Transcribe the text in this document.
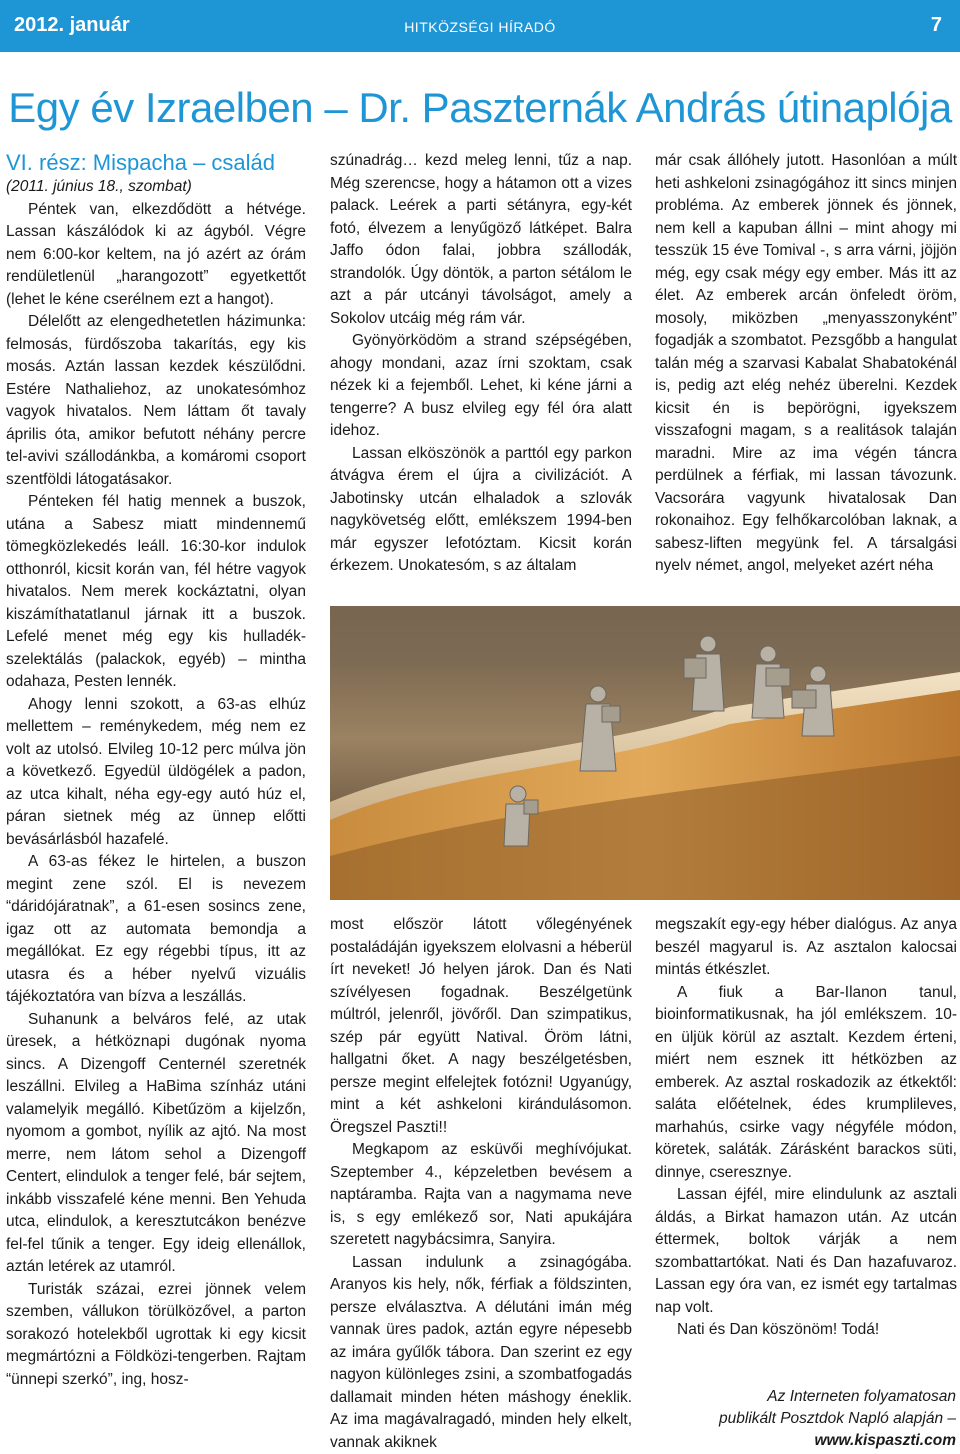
2012. január	HITKÖZSÉGI HÍRADÓ	7
Egy év Izraelben – Dr. Paszternák András útinaplója

VI. rész: Mispacha – család

(2011. június 18., szombat)

Péntek van, elkezdődött a hétvége. Lassan kászálódok ki az ágyból. Végre nem 6:00-kor keltem, na jó azért az órám rendületlenül „harangozott” egyetkettőt (lehet le kéne cserélnem ezt a hangot).

Délelőtt az elengedhetetlen házimunka: felmosás, fürdőszoba takarítás, egy kis mosás. Aztán lassan kezdek készülődni. Estére Nathaliehoz, az unokatesómhoz vagyok hivatalos. Nem láttam őt tavaly április óta, amikor befutott néhány percre tel-avivi szállodánkba, a komáromi csoport szentföldi látogatásakor.

Pénteken fél hatig mennek a buszok, utána a Sabesz miatt mindennemű tömegközlekedés leáll. 16:30-kor indulok otthonról, kicsit korán van, fél hétre vagyok hivatalos. Nem merek kockáztatni, olyan kiszámíthatatlanul járnak itt a buszok. Lefelé menet még egy kis hulladék-szelektálás (palackok, egyéb) – mintha odahaza, Pesten lennék.

Ahogy lenni szokott, a 63-as elhúz mellettem – reménykedem, még nem ez volt az utolsó. Elvileg 10-12 perc múlva jön a következő. Egyedül üldögélek a padon, az utca kihalt, néha egy-egy autó húz el, páran sietnek még az ünnep előtti bevásárlásból hazafelé.

A 63-as fékez le hirtelen, a buszon megint zene szól. El is nevezem “dáridójáratnak”, a 61-esen sosincs zene, igaz ott az automata bemondja a megállókat. Ez egy régebbi típus, itt az utasra és a héber nyelvű vizuális tájékoztatóra van bízva a leszállás.

Suhanunk a belváros felé, az utak üresek, a hétköznapi dugónak nyoma sincs. A Dizengoff Centernél szeretnék leszállni. Elvileg a HaBima színház utáni valamelyik megálló. Kibetűzöm a kijelzőn, nyomom a gombot, nyílik az ajtó. Na most merre, nem látom sehol a Dizengoff Centert, elindulok a tenger felé, bár sejtem, inkább visszafelé kéne menni. Ben Yehuda utca, elindulok, a keresztutcákon benézve fel-fel tűnik a tenger. Egy ideig ellenállok, aztán letérek az utamról.

Turisták százai, ezrei jönnek velem szemben, vállukon törülközővel, a parton sorakozó hotelekből ugrottak ki egy kicsit megmártózni a Földközi-tengerben. Rajtam “ünnepi szerkó”, ing, hosz-

szúnadrág… kezd meleg lenni, tűz a nap. Még szerencse, hogy a hátamon ott a vizes palack. Leérek a parti sétányra, egy-két fotó, élvezem a lenyűgöző látképet. Balra Jaffo ódon falai, jobbra szállodák, strandolók. Úgy döntök, a parton sétálom le azt a pár utcányi távolságot, amely a Sokolov utcáig még rám vár.

Gyönyörködöm a strand szépségében, ahogy mondani, azaz írni szoktam, csak nézek ki a fejemből. Lehet, ki kéne járni a tengerre? A busz elvileg egy fél óra alatt idehoz.

Lassan elköszönök a parttól egy parkon átvágva érem el újra a civilizációt. A Jabotinsky utcán elhaladok a szlovák nagykövetség előtt, emlékszem 1994-ben már egyszer lefotóztam. Kicsit korán érkezem. Unokatesóm, s az általam

már csak állóhely jutott. Hasonlóan a múlt heti ashkeloni zsinagógához itt sincs minjen probléma. Az emberek jönnek és jönnek, nem kell a kapuban állni – mint ahogy mi tesszük 15 éve Tomival -, s arra várni, jöjjön még, egy csak mégy egy ember. Más itt az élet. Az emberek arcán önfeledt öröm, mosoly, miközben „menyasszonyként” fogadják a szombatot. Pezsgőbb a hangulat talán még a szarvasi Kabalat Shabatokénál is, pedig azt elég nehéz überelni. Kezdek kicsit én is bepörögni, igyekszem visszafogni magam, s a realitások talaján maradni. Mire az ima végén táncra perdülnek a férfiak, mi lassan távozunk. Vacsorára vagyunk hivatalosak Dan rokonaihoz. Egy felhőkarcolóban laknak, a sabesz-liften megyünk fel. A társalgási nyelv német, angol, melyeket azért néha

most először látott vőlegényének postaládáján igyekszem elolvasni a héberül írt neveket! Jó helyen járok. Dan és Nati szívélyesen fogadnak. Beszélgetünk múltról, jelenről, jövőről. Dan szimpatikus, szép pár együtt Natival. Öröm látni, hallgatni őket. A nagy beszélgetésben, persze megint elfelejtek fotózni! Ugyanúgy, mint a két ashkeloni kirándulásomon. Öregszel Paszti!!

Megkapom az esküvői meghívójukat. Szeptember 4., képzeletben bevésem a naptáramba. Rajta van a nagymama neve is, s egy emlékező sor, Nati apukájára szeretett nagybácsimra, Sanyira.

Lassan indulunk a zsinagógába. Aranyos kis hely, nők, férfiak a földszinten, persze elválasztva. A délutáni imán még vannak üres padok, aztán egyre népesebb az imára gyűlők tábora. Dan szerint ez egy nagyon különleges zsini, a szombatfogadás dallamait minden héten máshogy éneklik. Az ima magávalragadó, minden hely elkelt, vannak akiknek

megszakít egy-egy héber dialógus. Az anya beszél magyarul is. Az asztalon kalocsai mintás étkészlet.

A fiuk a Bar-Ilanon tanul, bioinformatikusnak, ha jól emlékszem. 10-en üljük körül az asztalt. Kezdem érteni, miért nem esznek itt hétközben az emberek. Az asztal roskadozik az étkektől: saláta előételnek, édes krumplileves, marhahús, csirke vagy négyféle módon, köretek, saláták. Zárásként barackos süti, dinnye, cseresznye.

Lassan éjfél, mire elindulunk az asztali áldás, a Birkat hamazon után. Az utcán éttermek, boltok várják a nem szombattartókat. Nati és Dan hazafuvaroz. Lassan egy óra van, ez ismét egy tartalmas nap volt.

Nati és Dan köszönöm! Todá!

Az Interneten folyamatosan
publikált Posztdok Napló alapján –
www.kispaszti.com
